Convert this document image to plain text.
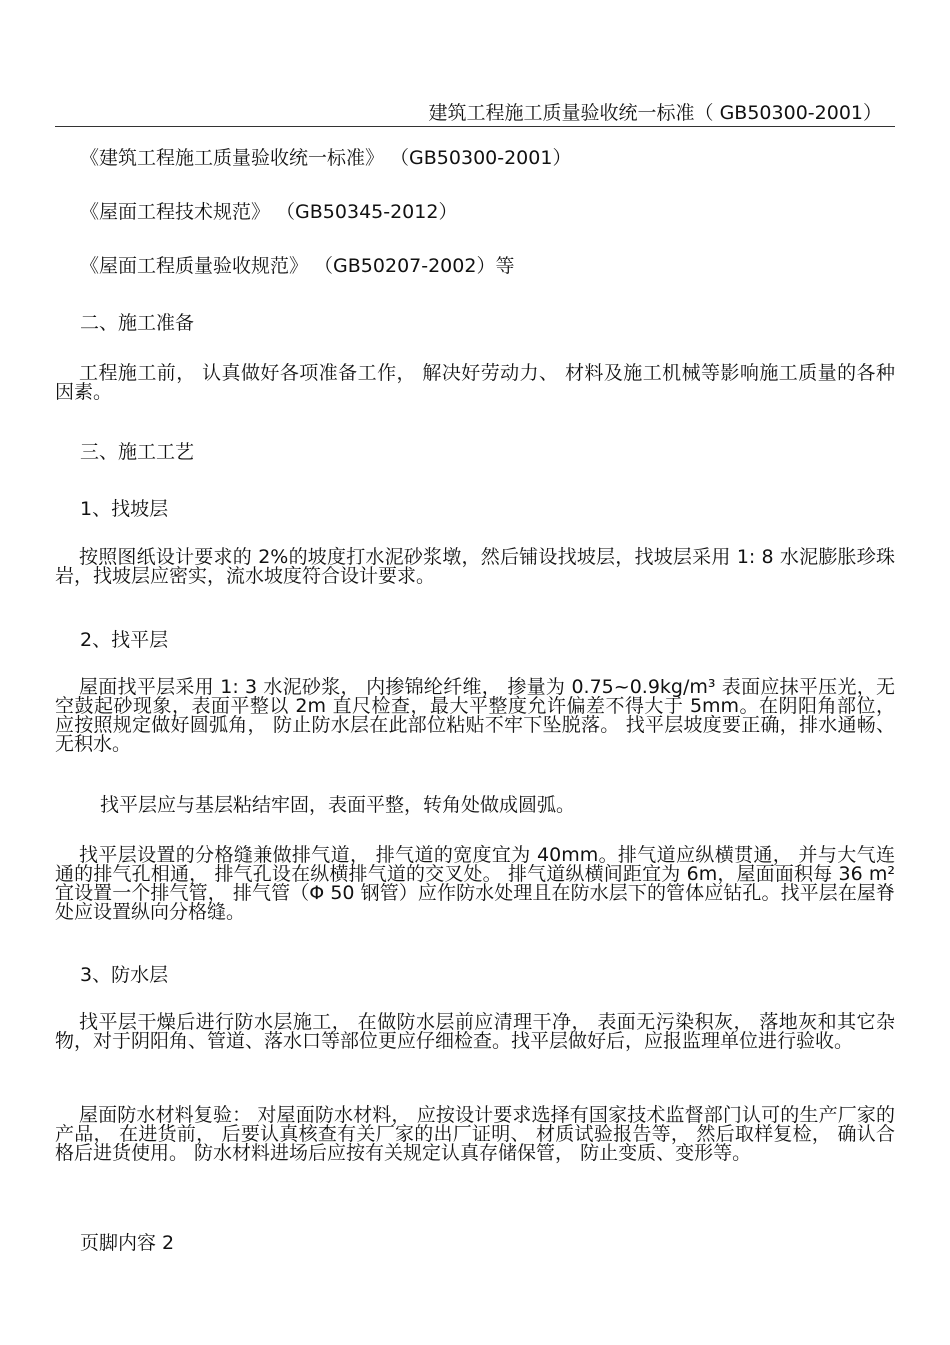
建筑工程施工质量验收统一标准（ GB50300-2001）
《建筑工程施工质量验收统一标准》 （GB50300-2001）
《屋面工程技术规范》 （GB50345-2012）
《屋面工程质量验收规范》 （GB50207-2002）等
二、施工准备
工程施工前， 认真做好各项准备工作， 解决好劳动力、 材料及施工机械等影响施工质量的各种因素。
三、施工工艺
1、找坡层
按照图纸设计要求的 2%的坡度打水泥砂浆墩，然后铺设找坡层，找坡层采用 1: 8 水泥膨胀珍珠岩，找坡层应密实，流水坡度符合设计要求。
2、找平层
屋面找平层采用 1: 3 水泥砂浆， 内掺锦纶纤维， 掺量为 0.75~0.9kg/m³ 表面应抹平压光，无空鼓起砂现象，表面平整以 2m 直尺检查，最大平整度允许偏差不得大于 5mm。在阴阳角部位， 应按照规定做好圆弧角， 防止防水层在此部位粘贴不牢下坠脱落。 找平层坡度要正确，排水通畅、无积水。
找平层应与基层粘结牢固，表面平整，转角处做成圆弧。
找平层设置的分格缝兼做排气道， 排气道的宽度宜为 40mm。排气道应纵横贯通， 并与大气连通的排气孔相通， 排气孔设在纵横排气道的交叉处。 排气道纵横间距宜为 6m，屋面面积每 36 m²宜设置一个排气管， 排气管（Φ 50 钢管）应作防水处理且在防水层下的管体应钻孔。找平层在屋脊处应设置纵向分格缝。
3、防水层
找平层干燥后进行防水层施工， 在做防水层前应清理干净， 表面无污染积灰， 落地灰和其它杂物，对于阴阳角、管道、落水口等部位更应仔细检查。找平层做好后，应报监理单位进行验收。
屋面防水材料复验： 对屋面防水材料， 应按设计要求选择有国家技术监督部门认可的生产厂家的产品， 在进货前， 后要认真核查有关厂家的出厂证明、 材质试验报告等， 然后取样复检， 确认合格后进货使用。 防水材料进场后应按有关规定认真存储保管， 防止变质、变形等。
页脚内容 2
